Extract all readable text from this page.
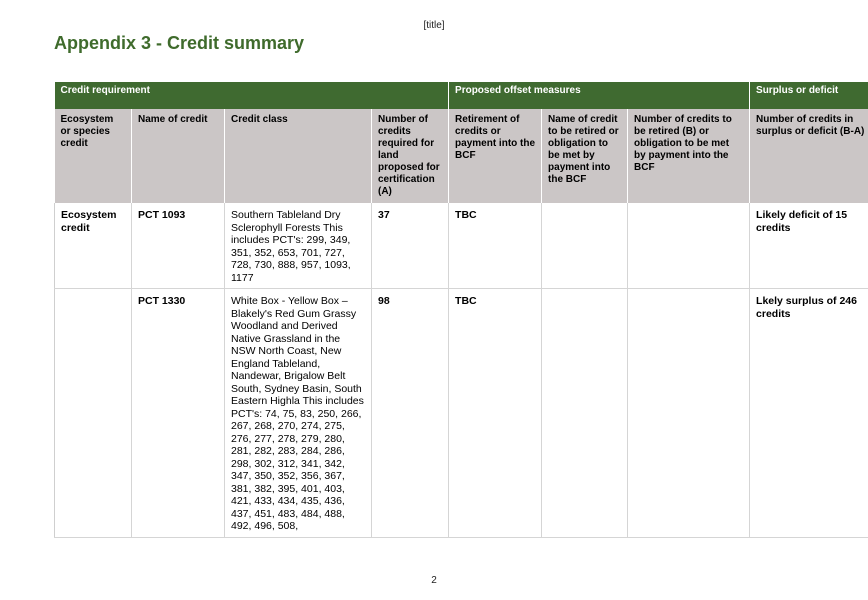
[title]
Appendix 3 - Credit summary
Credit requirement				Proposed offset measures			Surplus or deficit
Ecosystem or species credit	Name of credit	Credit class	Number of credits required for land proposed for certification (A)	Retirement of credits or payment into the BCF	Name of credit to be retired or obligation to be met by payment into the BCF	Number of credits to be retired (B) or obligation to be met by payment into the BCF	Number of credits in surplus or deficit (B-A)
Ecosystem credit	PCT 1093	Southern Tableland Dry Sclerophyll Forests This includes PCT's: 299, 349, 351, 352, 653, 701, 727, 728, 730, 888, 957, 1093, 1177	37	TBC			Likely deficit of 15 credits
	PCT 1330	White Box - Yellow Box – Blakely's Red Gum Grassy Woodland and Derived Native Grassland in the NSW North Coast, New England Tableland, Nandewar, Brigalow Belt South, Sydney Basin, South Eastern Highla This includes PCT's: 74, 75, 83, 250, 266, 267, 268, 270, 274, 275, 276, 277, 278, 279, 280, 281, 282, 283, 284, 286, 298, 302, 312, 341, 342, 347, 350, 352, 356, 367, 381, 382, 395, 401, 403, 421, 433, 434, 435, 436, 437, 451, 483, 484, 488, 492, 496, 508,	98	TBC			Lkely surplus of 246 credits
2
